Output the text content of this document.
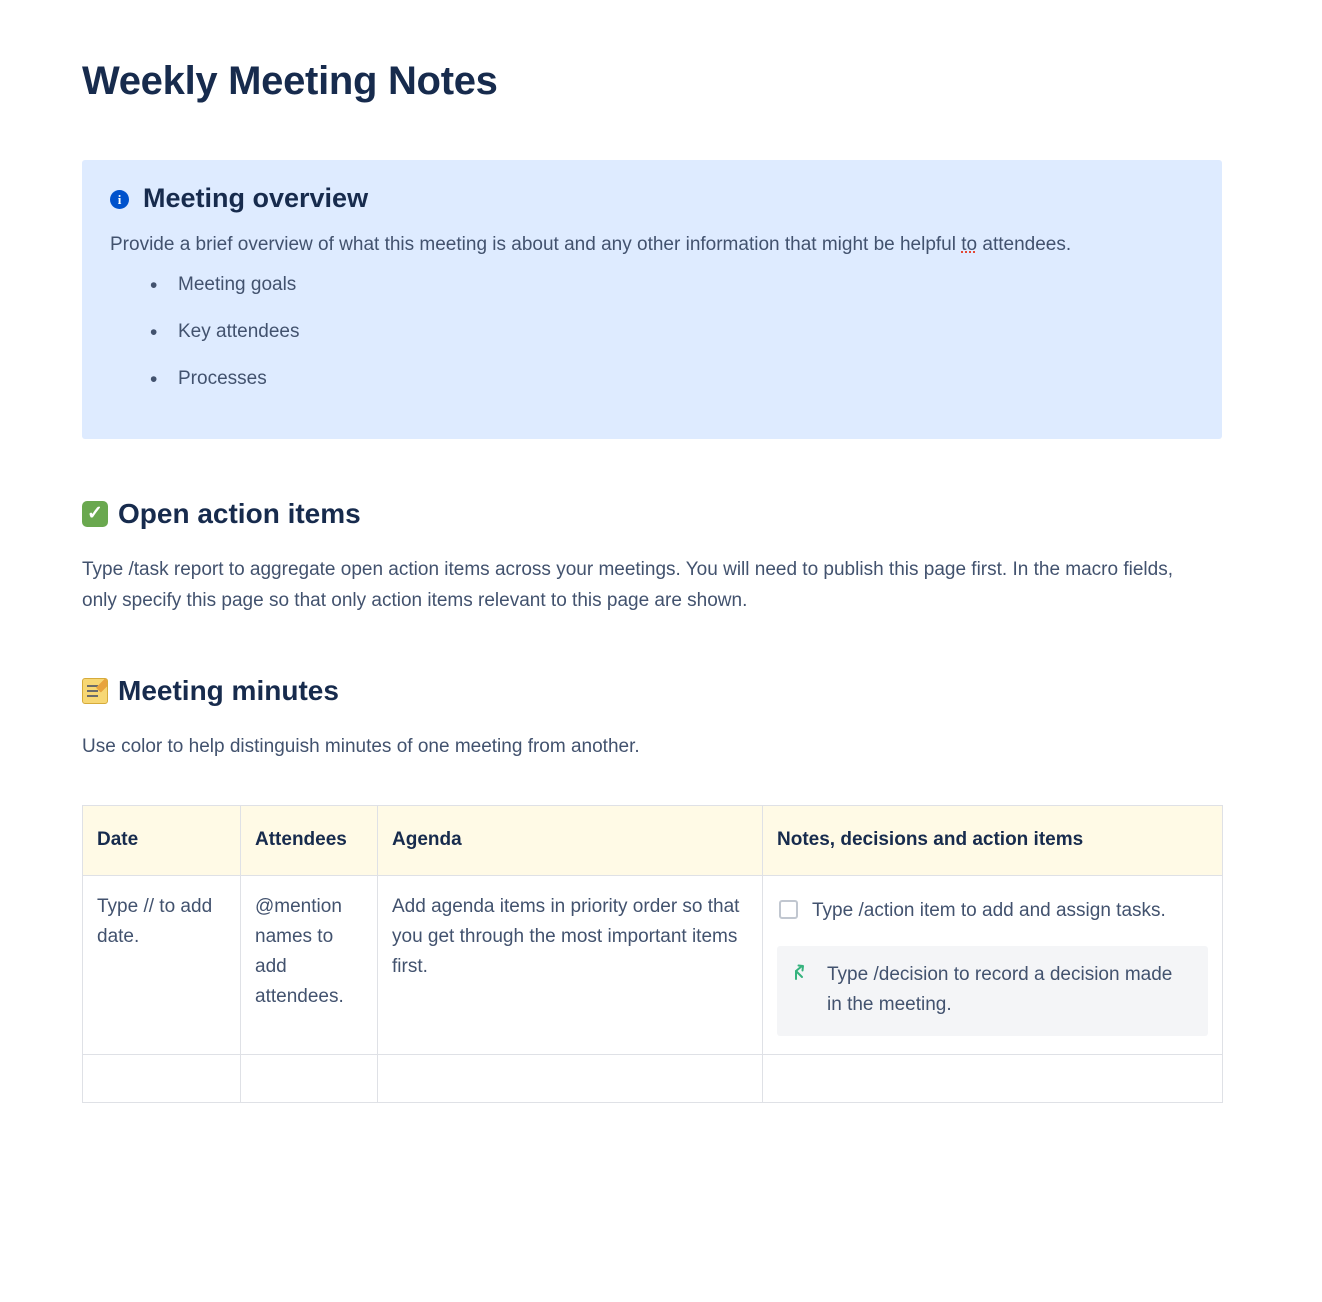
Weekly Meeting Notes
i Meeting overview
Provide a brief overview of what this meeting is about and any other information that might be helpful to attendees.
• Meeting goals
• Key attendees
• Processes
✓ Open action items

Type /task report to aggregate open action items across your meetings. You will need to publish this page first. In the macro fields, only specify this page so that only action items relevant to this page are shown.

Meeting minutes

Use color to help distinguish minutes of one meeting from another.

Date	Attendees	Agenda	Notes, decisions and action items
Type // to add date.	@mention names to add attendees.	Add agenda items in priority order so that you get through the most important items first.	Type /action item to add and assign tasks.
Type /decision to record a decision made in the meeting.
